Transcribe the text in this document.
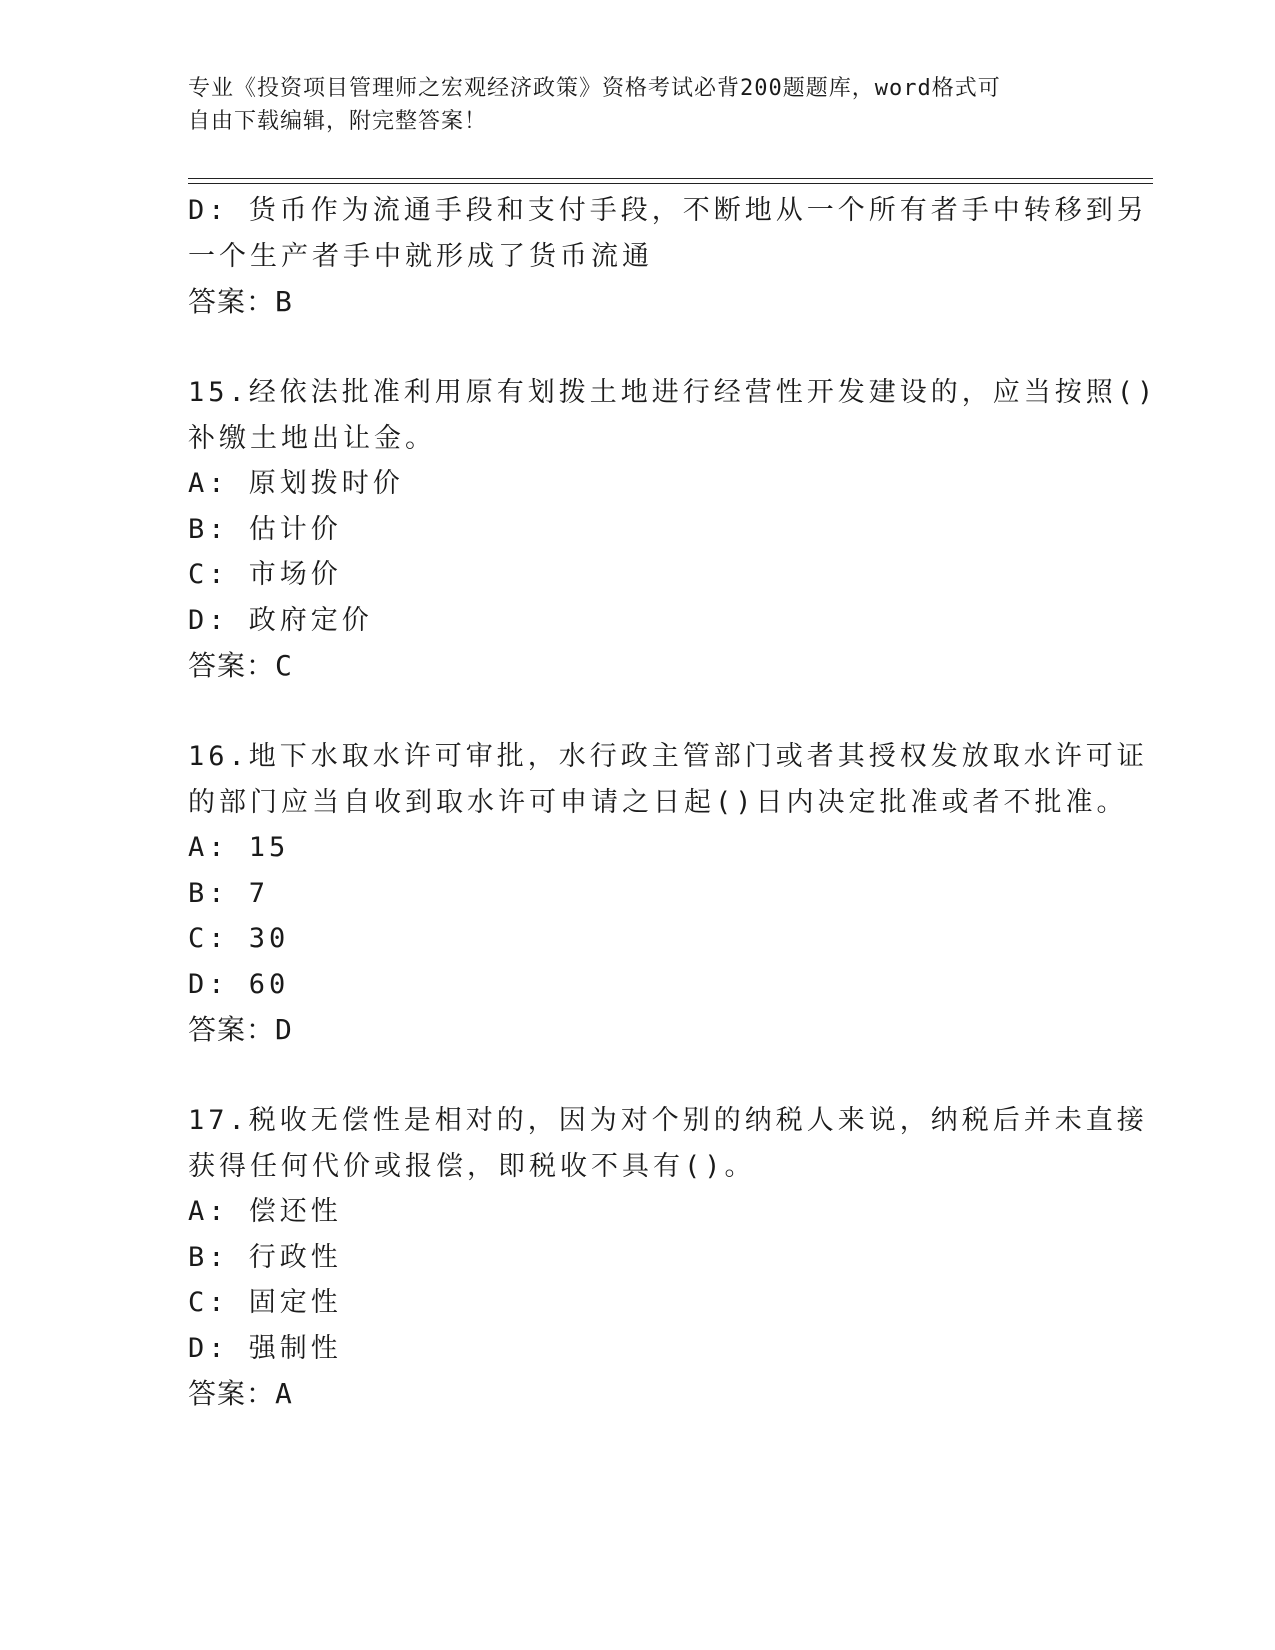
专业《投资项目管理师之宏观经济政策》资格考试必背200题题库，word格式可
自由下载编辑，附完整答案！
D: 货币作为流通手段和支付手段，不断地从一个所有者手中转移到另
一个生产者手中就形成了货币流通
答案：B
15.经依法批准利用原有划拨土地进行经营性开发建设的，应当按照()
补缴土地出让金。
A: 原划拨时价
B: 估计价
C: 市场价
D: 政府定价
答案：C
16.地下水取水许可审批，水行政主管部门或者其授权发放取水许可证
的部门应当自收到取水许可申请之日起()日内决定批准或者不批准。
A: 15
B: 7
C: 30
D: 60
答案：D
17.税收无偿性是相对的，因为对个别的纳税人来说，纳税后并未直接
获得任何代价或报偿，即税收不具有()。
A: 偿还性
B: 行政性
C: 固定性
D: 强制性
答案：A
